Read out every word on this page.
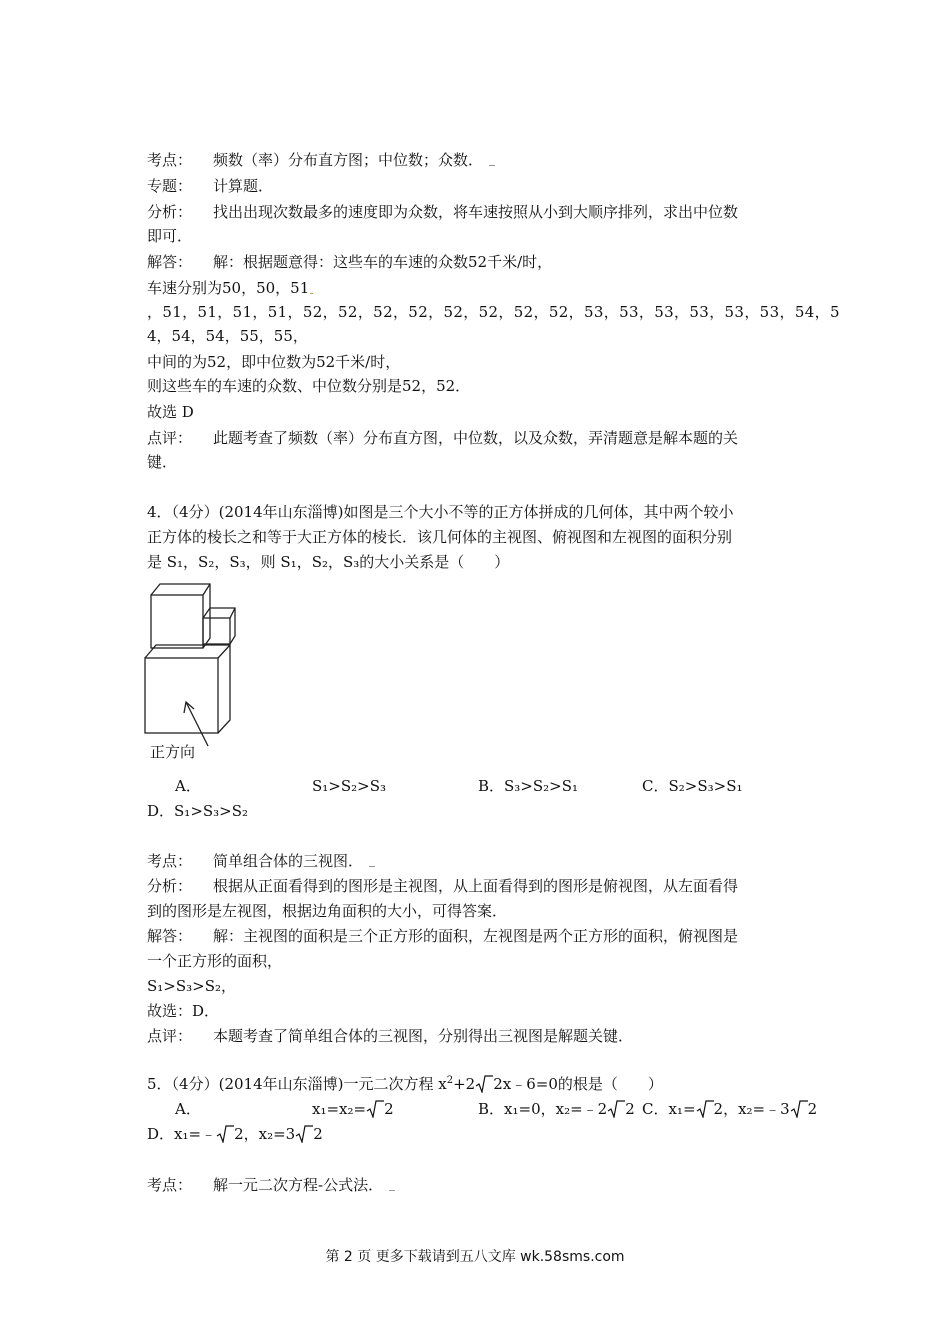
考点： 频数（率）分布直方图；中位数；众数．
专题： 计算题．
分析： 找出出现次数最多的速度即为众数，将车速按照从小到大顺序排列，求出中位数
即可．
解答： 解：根据题意得：这些车的车速的众数52千米/时，
车速分别为50，50，51
，51，51，51，51，52，52，52，52，52，52，52，52，53，53，53，53，53，53，54，5
4，54，54，55，55，
中间的为52，即中位数为52千米/时，
则这些车的车速的众数、中位数分别是52，52．
故选 D
点评： 此题考查了频数（率）分布直方图，中位数，以及众数，弄清题意是解本题的关
键．
4．（4分）(2014年山东淄博)如图是三个大小不等的正方体拼成的几何体，其中两个较小
正方体的棱长之和等于大正方体的棱长．该几何体的主视图、俯视图和左视图的面积分别
是 S₁，S₂，S₃，则 S₁，S₂，S₃的大小关系是（　　）
正方向
A．	S₁>S₂>S₃	B．S₃>S₂>S₁	C．S₂>S₃>S₁
D．S₁>S₃>S₂
考点： 简单组合体的三视图．
分析： 根据从正面看得到的图形是主视图，从上面看得到的图形是俯视图，从左面看得
到的图形是左视图，根据边角面积的大小，可得答案．
解答： 解：主视图的面积是三个正方形的面积，左视图是两个正方形的面积，俯视图是
一个正方形的面积，
S₁>S₃>S₂，
故选：D．
点评： 本题考查了简单组合体的三视图，分别得出三视图是解题关键．
5．（4分）(2014年山东淄博)一元二次方程 $x^2+2$ 2x﹣6=0的根是（　　）
A．	x₁=x₂= 2	B．x₁=0，x₂=﹣2 2 C．x₁= 2，x₂=﹣3 2
D．x₁=﹣ 2，x₂=3 2
考点： 解一元二次方程-公式法．
第 2 页 更多下载请到五八文库 wk.58sms.com
